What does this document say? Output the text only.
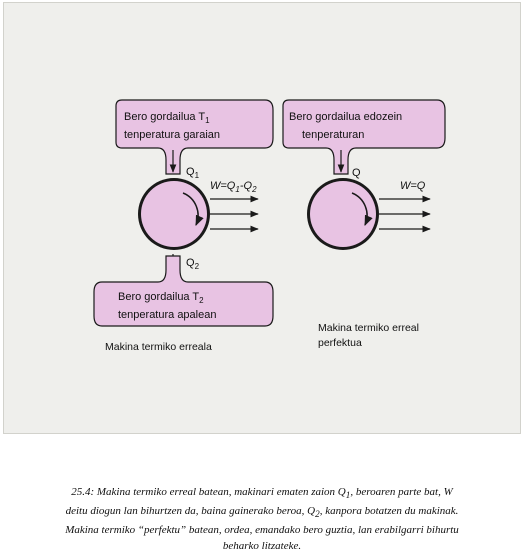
Bero gordailua $T_1$
tenperatura garaian
$Q_1$
$W=Q_1-Q_2$
$Q_2$
Bero gordailua $T_2$
tenperatura apalean
Makina termiko erreala
Bero gordailua edozein
tenperaturan
Q
W=Q
Makina termiko erreal
perfektua
25.4: Makina termiko erreal batean, makinari ematen zaion $Q_1$, beroaren parte bat, W
deitu diogun lan bihurtzen da, baina gainerako beroa, $Q_2$, kanpora botatzen du makinak.
Makina termiko “perfektu” batean, ordea, emandako bero guztia, lan erabilgarri bihurtu
beharko litzateke.
